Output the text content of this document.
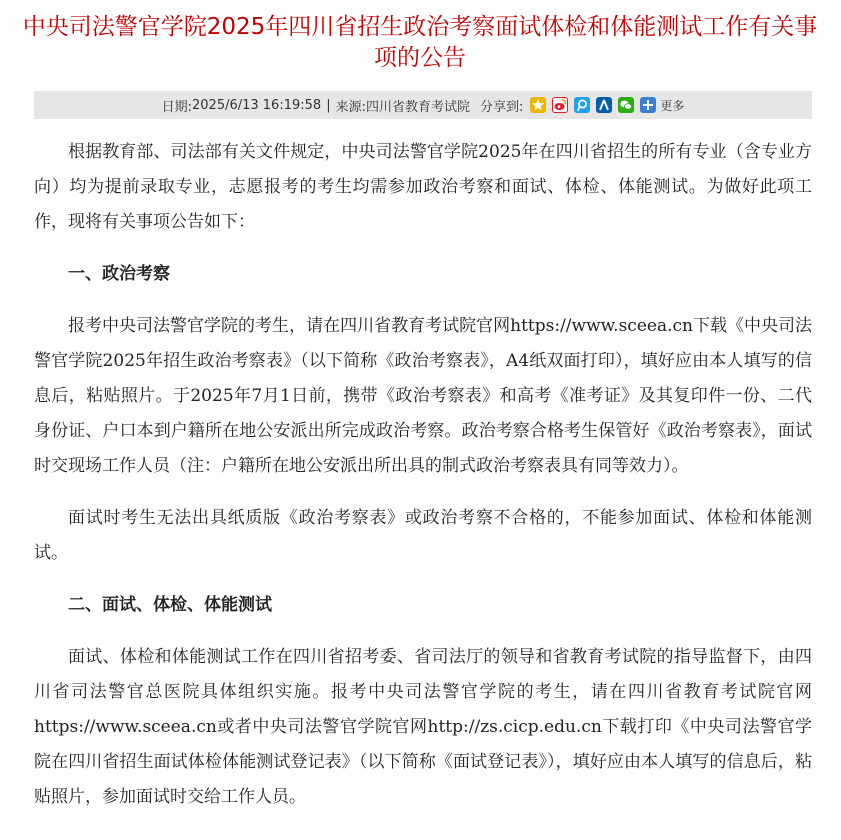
中央司法警官学院2025年四川省招生政治考察面试体检和体能测试工作有关事项的公告
日期: 2025/6/13 16:19:58 | 来源: 四川省教育考试院 分享到:	更多

根据教育部、司法部有关文件规定，中央司法警官学院2025年在四川省招生的所有专业（含专业方向）均为提前录取专业，志愿报考的考生均需参加政治考察和面试、体检、体能测试。为做好此项工作，现将有关事项公告如下：

一、政治考察

报考中央司法警官学院的考生，请在四川省教育考试院官网https://www.sceea.cn下载《中央司法警官学院2025年招生政治考察表》（以下简称《政治考察表》，A4纸双面打印），填好应由本人填写的信息后，粘贴照片。于2025年7月1日前，携带《政治考察表》和高考《准考证》及其复印件一份、二代身份证、户口本到户籍所在地公安派出所完成政治考察。政治考察合格考生保管好《政治考察表》，面试时交现场工作人员（注：户籍所在地公安派出所出具的制式政治考察表具有同等效力）。

面试时考生无法出具纸质版《政治考察表》或政治考察不合格的，不能参加面试、体检和体能测试。

二、面试、体检、体能测试

面试、体检和体能测试工作在四川省招考委、省司法厅的领导和省教育考试院的指导监督下，由四川省司法警官总医院具体组织实施。报考中央司法警官学院的考生，请在四川省教育考试院官网https://www.sceea.cn或者中央司法警官学院官网http://zs.cicp.edu.cn下载打印《中央司法警官学院在四川省招生面试体检体能测试登记表》（以下简称《面试登记表》），填好应由本人填写的信息后，粘贴照片，参加面试时交给工作人员。
